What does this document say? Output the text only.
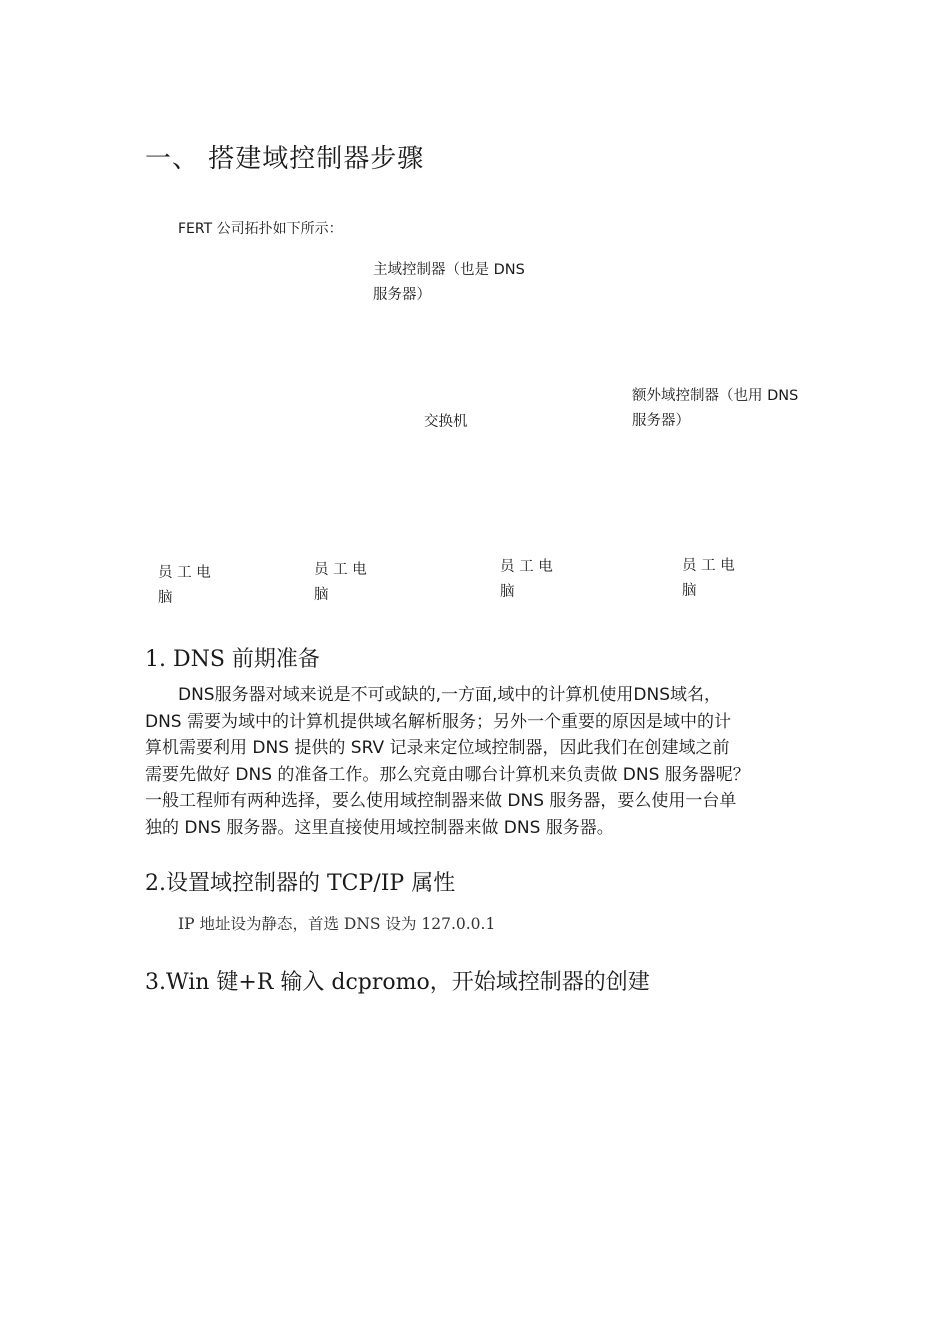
一、 搭建域控制器步骤
FERT 公司拓扑如下所示：
主域控制器（也是 DNS
服务器）
交换机
额外域控制器（也用 DNS
服务器）
员 工 电
脑
员 工 电
脑
员 工 电
脑
员 工 电
脑
1. DNS 前期准备
DNS服务器对域来说是不可或缺的,一方面,域中的计算机使用DNS域名，
DNS 需要为域中的计算机提供域名解析服务；另外一个重要的原因是域中的计
算机需要利用 DNS 提供的 SRV 记录来定位域控制器，因此我们在创建域之前
需要先做好 DNS 的准备工作。那么究竟由哪台计算机来负责做 DNS 服务器呢？
一般工程师有两种选择，要么使用域控制器来做 DNS 服务器，要么使用一台单
独的 DNS 服务器。这里直接使用域控制器来做 DNS 服务器。
2.设置域控制器的 TCP/IP 属性
IP 地址设为静态，首选 DNS 设为 127.0.0.1
3.Win 键+R 输入 dcpromo，开始域控制器的创建
